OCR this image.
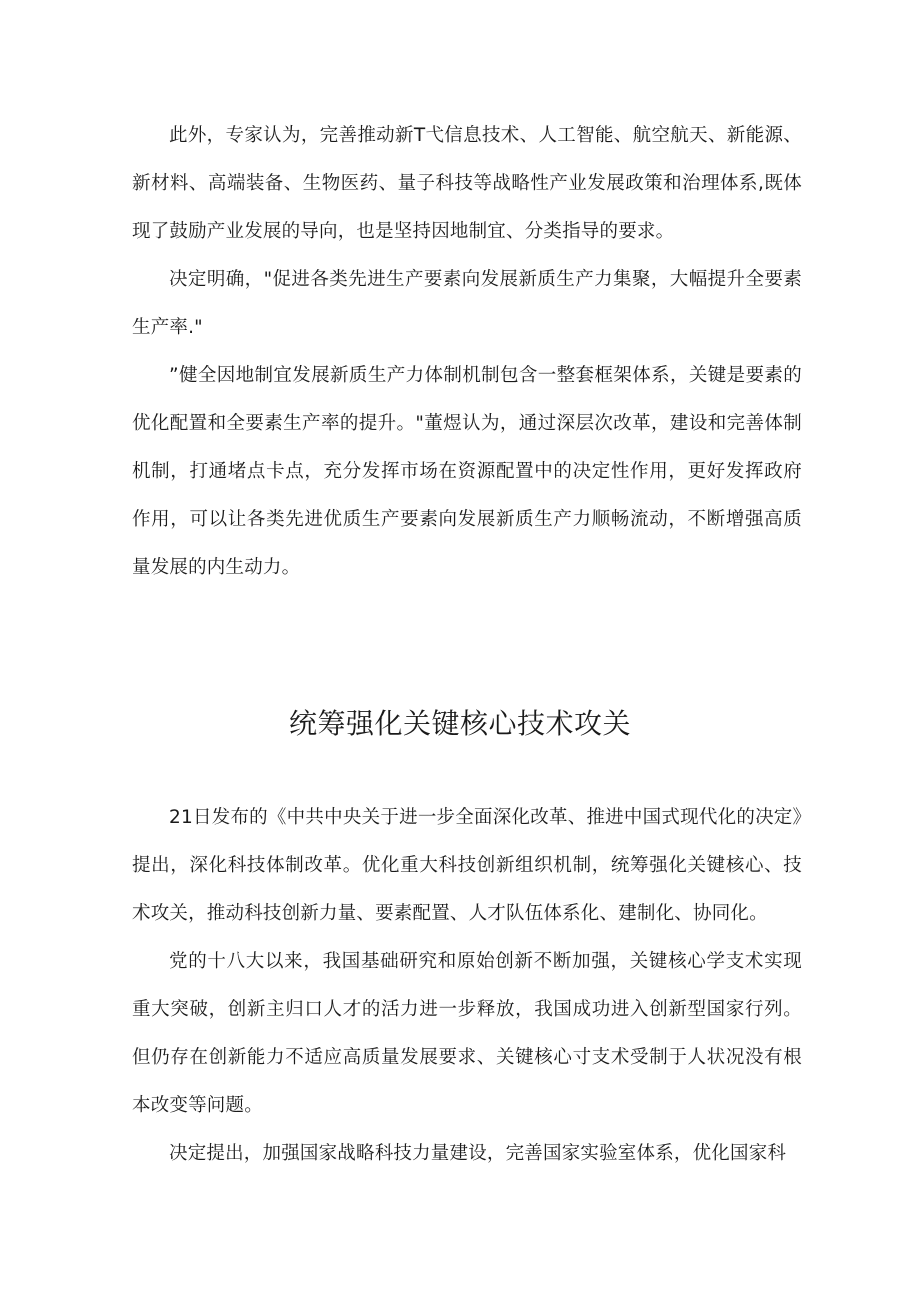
此外，专家认为，完善推动新T弋信息技术、人工智能、航空航天、新能源、新材料、高端装备、生物医药、量子科技等战略性产业发展政策和治理体系,既体现了鼓励产业发展的导向，也是坚持因地制宜、分类指导的要求。

决定明确，"促进各类先进生产要素向发展新质生产力集聚，大幅提升全要素生产率."

”健全因地制宜发展新质生产力体制机制包含一整套框架体系，关键是要素的优化配置和全要素生产率的提升。"董煜认为，通过深层次改革，建设和完善体制机制，打通堵点卡点，充分发挥市场在资源配置中的决定性作用，更好发挥政府作用，可以让各类先进优质生产要素向发展新质生产力顺畅流动，不断增强高质量发展的内生动力。

统筹强化关键核心技术攻关

21日发布的《中共中央关于进一步全面深化改革、推进中国式现代化的决定》提出，深化科技体制改革。优化重大科技创新组织机制，统筹强化关键核心、技术攻关，推动科技创新力量、要素配置、人才队伍体系化、建制化、协同化。

党的十八大以来，我国基础研究和原始创新不断加强，关键核心学支术实现重大突破，创新主归口人才的活力进一步释放，我国成功进入创新型国家行列。但仍存在创新能力不适应高质量发展要求、关键核心寸支术受制于人状况没有根本改变等问题。

决定提出，加强国家战略科技力量建设，完善国家实验室体系，优化国家科
